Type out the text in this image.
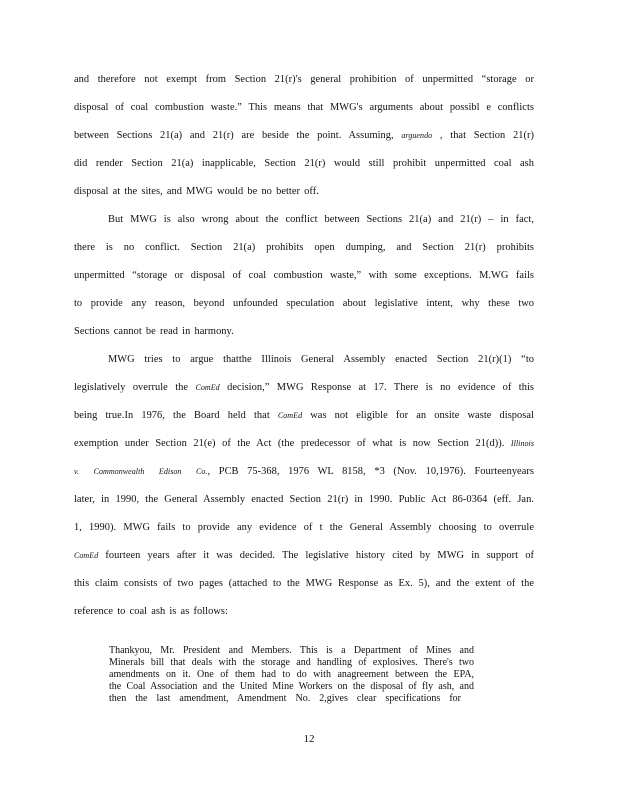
and therefore not exempt from Section 21(r)'s general prohibition of unpermitted “storage or
disposal of coal combustion waste.” This means that MWG's arguments about possibl e conflicts
between Sections 21(a) and 21(r) are beside the point. Assuming, arguendo , that Section 21(r)
did render Section 21(a) inapplicable, Section 21(r) would still prohibit unpermitted coal ash
disposal at the sites, and MWG would be no better off.
But MWG is also wrong about the conflict between Sections 21(a) and 21(r) – in fact,
there is no conflict. Section 21(a) prohibits open dumping, and Section 21(r) prohibits
unpermitted “storage or disposal of coal combustion waste,” with some exceptions. M.WG fails
to provide any reason, beyond unfounded speculation about legislative intent, why these two
Sections cannot be read in harmony.
MWG tries to argue thatthe Illinois General Assembly enacted Section 21(r)(1) “to
legislatively overrule the ComEd decision,” MWG Response at 17. There is no evidence of this
being true.In 1976, the Board held that ComEd was not eligible for an onsite waste disposal
exemption under Section 21(e) of the Act (the predecessor of what is now Section 21(d)). Illinois
v. Commonwealth Edison Co., PCB 75-368, 1976 WL 8158, *3 (Nov. 10,1976). Fourteenyears
later, in 1990, the General Assembly enacted Section 21(r) in 1990. Public Act 86-0364 (eff. Jan.
1, 1990). MWG fails to provide any evidence of t the General Assembly choosing to overrule
ComEd fourteen years after it was decided. The legislative history cited by MWG in support of
this claim consists of two pages (attached to the MWG Response as Ex. 5), and the extent of the
reference to coal ash is as follows:
Thankyou, Mr. President and Members. This is a Department of Mines and
Minerals bill that deals with the storage and handling of explosives. There's two
amendments on it. One of them had to do with anagreement between the EPA,
the Coal Association and the United Mine Workers on the disposal of fly ash, and
then the last amendment, Amendment No. 2,gives clear specifications for
12
